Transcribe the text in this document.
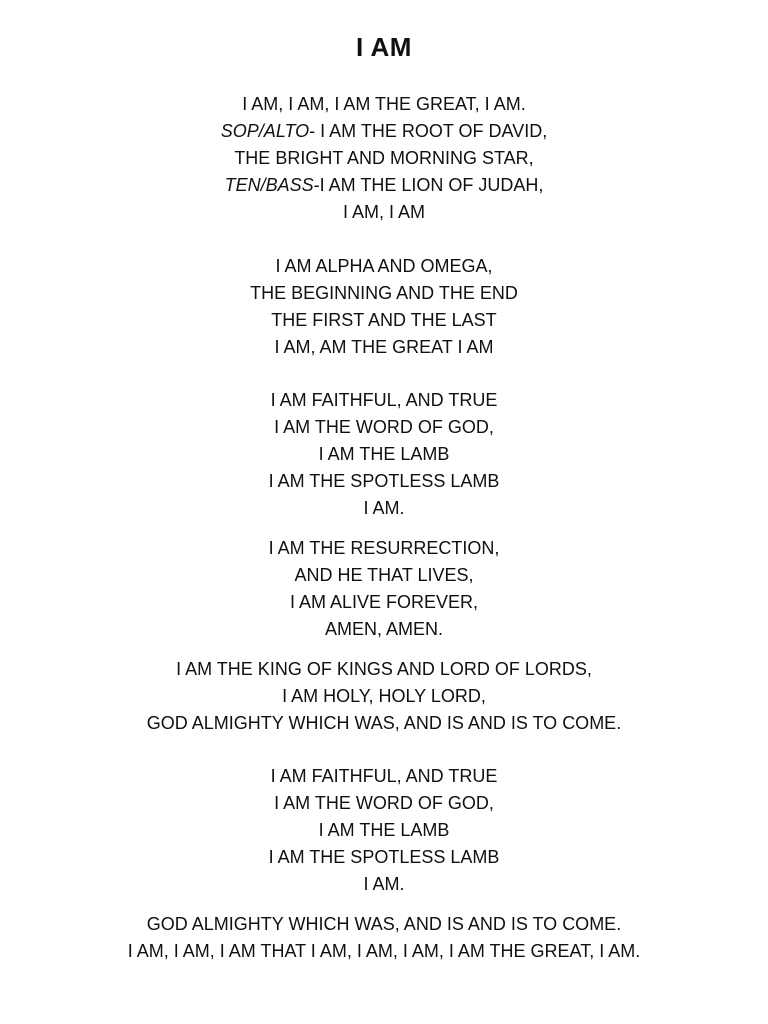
I AM
I AM, I AM, I AM THE GREAT, I AM.
SOP/ALTO- I AM THE ROOT OF DAVID,
THE BRIGHT AND MORNING STAR,
TEN/BASS-I AM THE LION OF JUDAH,
I AM, I AM
I AM ALPHA AND OMEGA,
THE BEGINNING AND THE END
THE FIRST AND THE LAST
I AM, AM THE GREAT I AM
I AM FAITHFUL, AND TRUE
I AM THE WORD OF GOD,
I AM THE LAMB
I AM THE SPOTLESS LAMB
I AM.
I AM THE RESURRECTION,
AND HE THAT LIVES,
I AM ALIVE FOREVER,
AMEN, AMEN.
I AM THE KING OF KINGS AND LORD OF LORDS,
I AM HOLY, HOLY LORD,
GOD ALMIGHTY WHICH WAS, AND IS AND IS TO COME.
I AM FAITHFUL, AND TRUE
I AM THE WORD OF GOD,
I AM THE LAMB
I AM THE SPOTLESS LAMB
I AM.
GOD ALMIGHTY WHICH WAS, AND IS AND IS TO COME.
I AM, I AM, I AM THAT I AM, I AM, I AM, I AM THE GREAT, I AM.
